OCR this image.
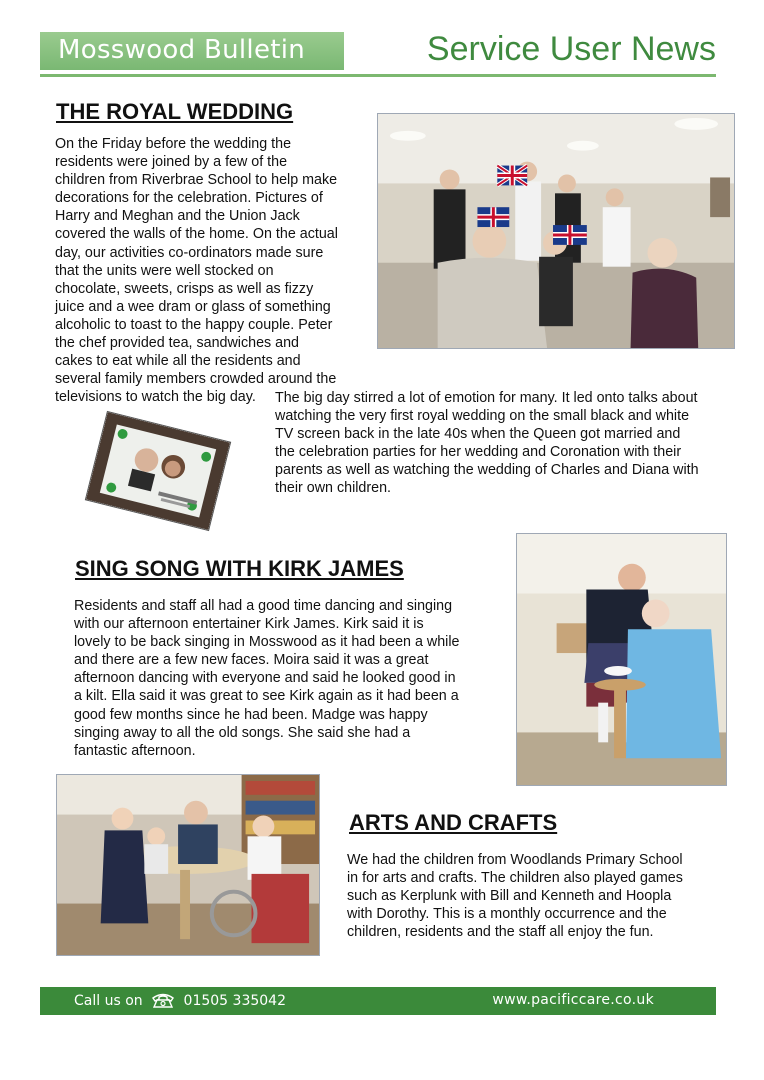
Mosswood Bulletin	Service User News
THE ROYAL WEDDING
On the Friday before the wedding the
residents were joined by a few of the
children from Riverbrae School to help make
decorations for the celebration. Pictures of
Harry and Meghan and the Union Jack
covered the walls of the home. On the actual
day, our activities co-ordinators made sure
that the units were well stocked on
chocolate, sweets, crisps as well as fizzy
juice and a wee dram or glass of something
alcoholic to toast to the happy couple. Peter
the chef provided tea, sandwiches and
cakes to eat while all the residents and
several family members crowded around the
televisions to watch the big day.	The big day stirred a lot of emotion for many. It led onto talks about
watching the very first royal wedding on the small black and white
TV screen back in the late 40s when the Queen got married and
the celebration parties for her wedding and Coronation with their
parents as well as watching the wedding of Charles and Diana with
their own children.
SING SONG WITH KIRK JAMES
Residents and staff all had a good time dancing and singing
with our afternoon entertainer Kirk James. Kirk said it is
lovely to be back singing in Mosswood as it had been a while
and there are a few new faces. Moira said it was a great
afternoon dancing with everyone and said he looked good in
a kilt. Ella said it was great to see Kirk again as it had been a
good few months since he had been. Madge was happy
singing away to all the old songs. She said she had a
fantastic afternoon.
ARTS AND CRAFTS
We had the children from Woodlands Primary School
in for arts and crafts. The children also played games
such as Kerplunk with Bill and Kenneth and Hoopla
with Dorothy. This is a monthly occurrence and the
children, residents and the staff all enjoy the fun.
Call us on	01505 335042	www.pacificcare.co.uk
